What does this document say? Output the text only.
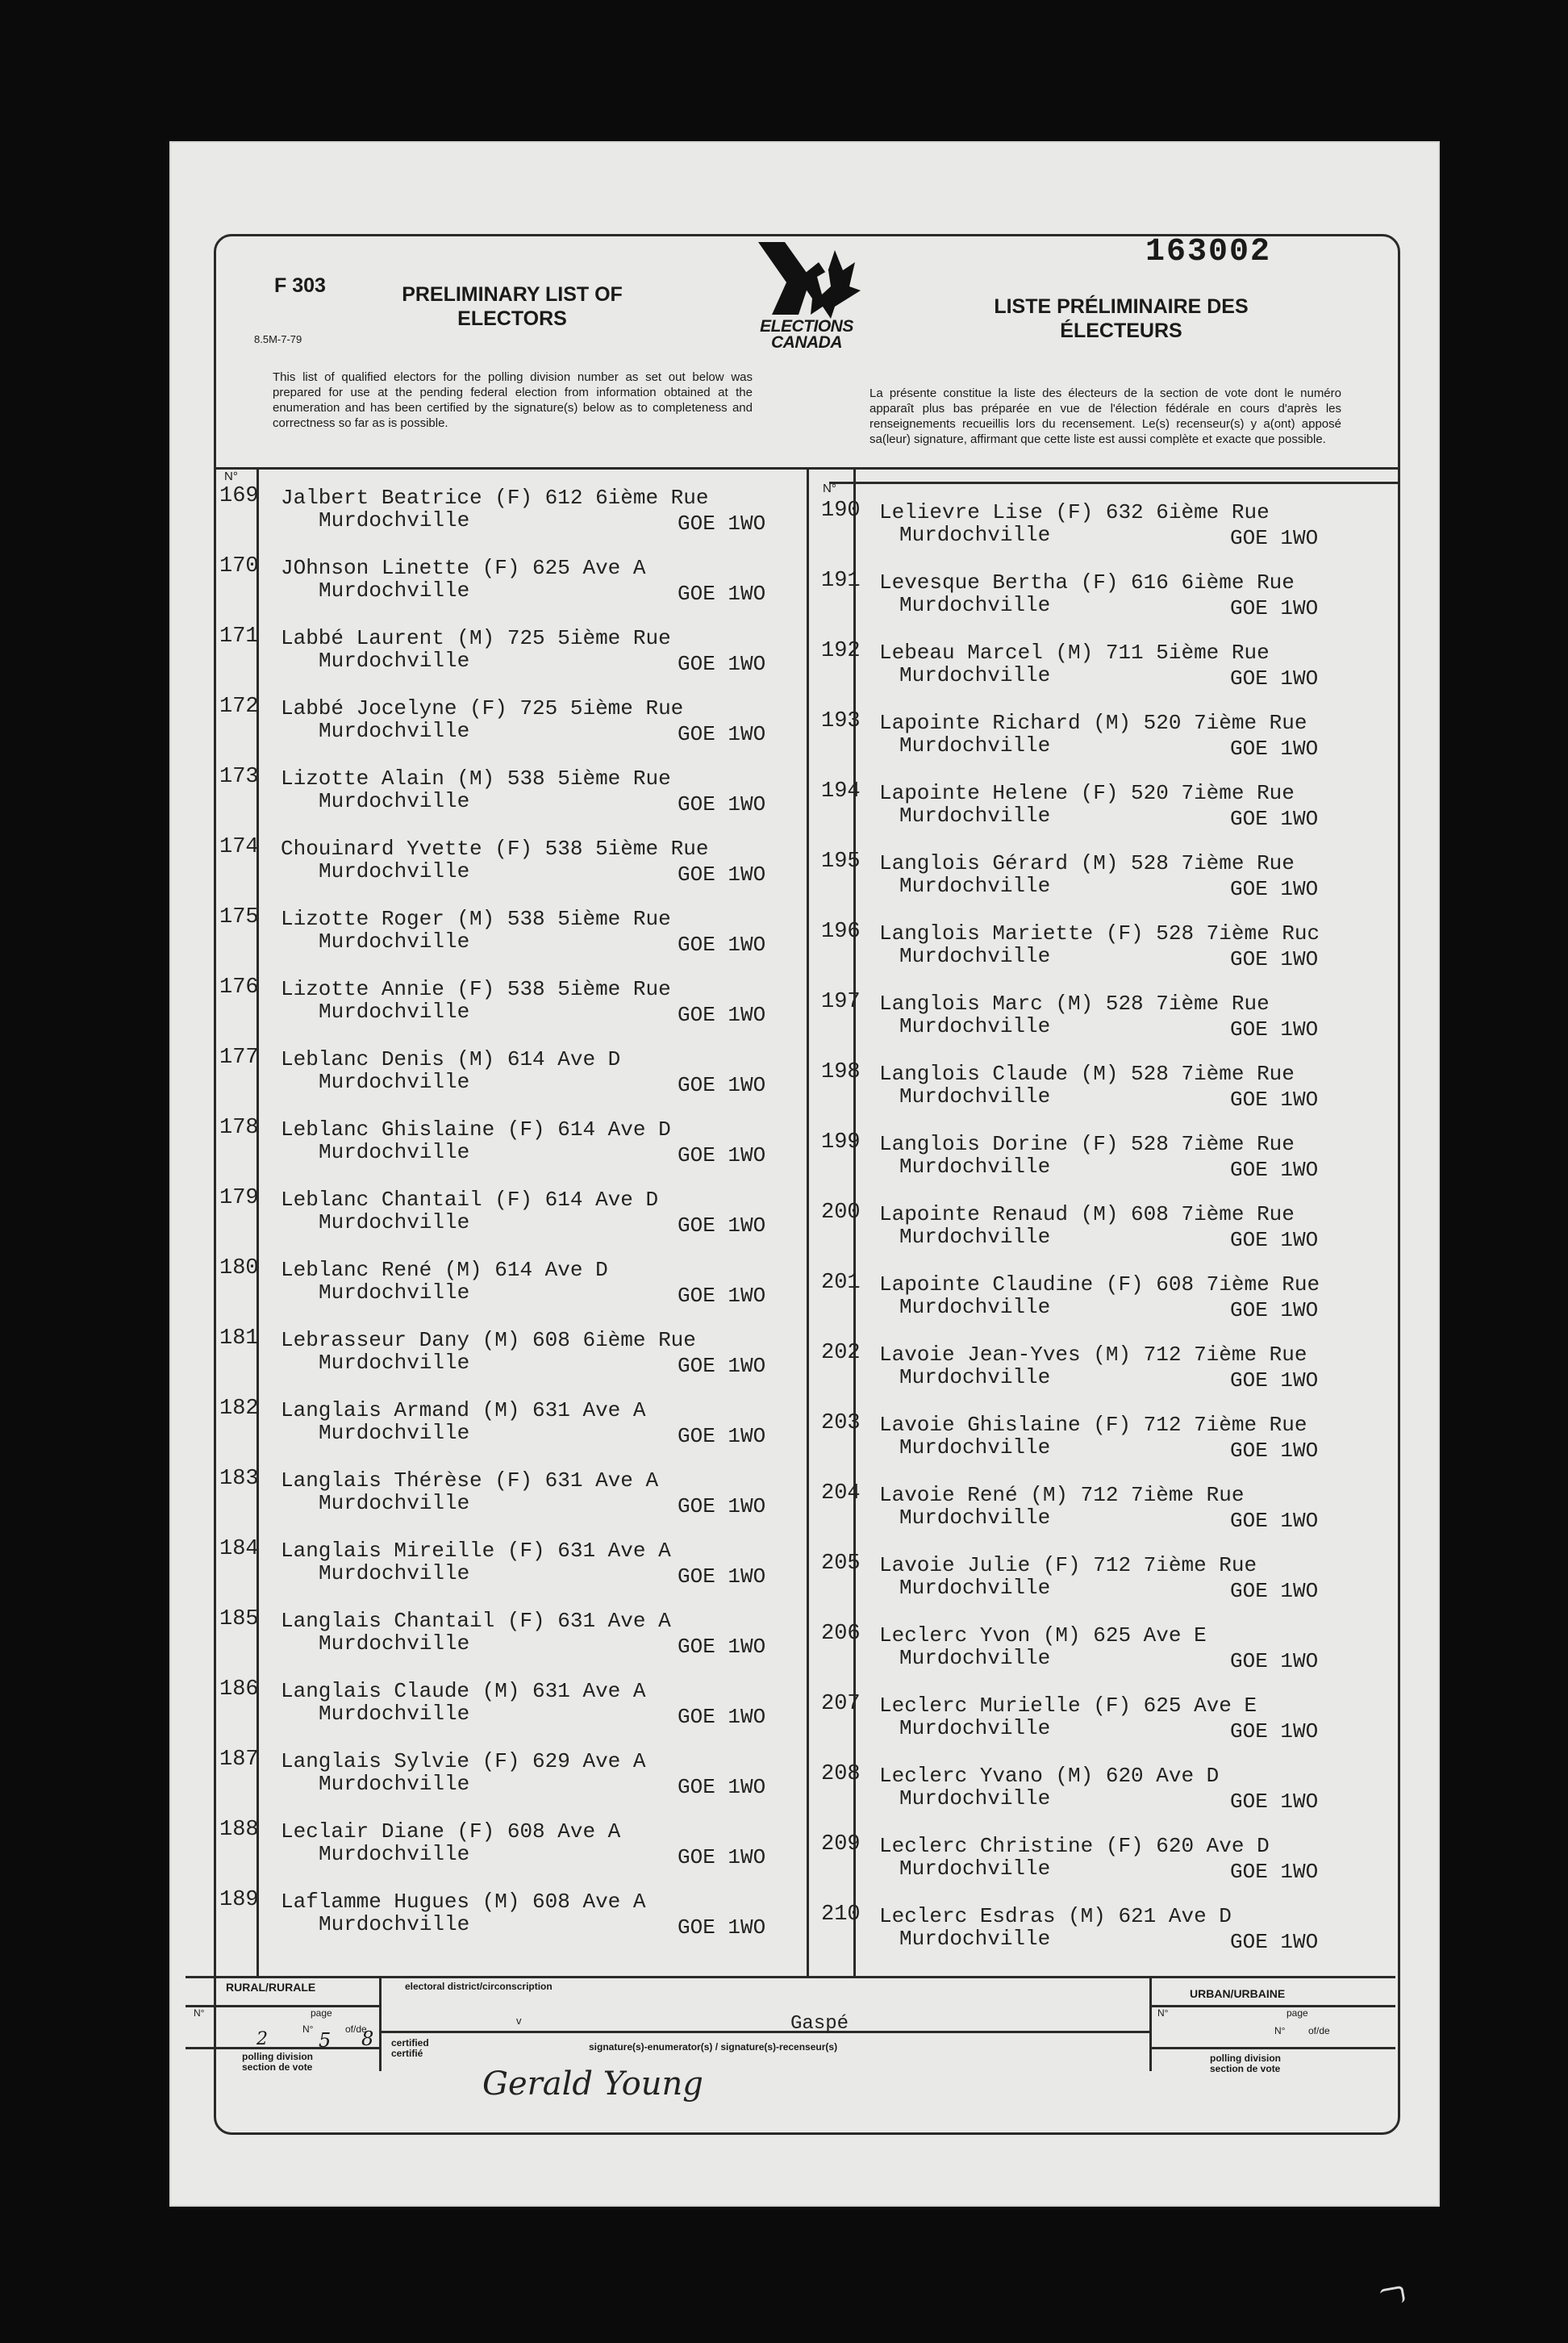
F 303
8.5M-7-79
PRELIMINARY LIST OF
ELECTORS	ELECTIONS
CANADA
163002
LISTE PRÉLIMINAIRE DES
ÉLECTEURS
This list of qualified electors for the polling division number as set out below was prepared for use at the pending federal election from information obtained at the enumeration and has been certified by the signature(s) below as to completeness and correctness so far as is possible.
La présente constitue la liste des électeurs de la section de vote dont le numéro apparaît plus bas préparée en vue de l'élection fédérale en cours d'après les renseignements recueillis lors du recensement. Le(s) recenseur(s) y a(ont) apposé sa(leur) signature, affirmant que cette liste est aussi complète et exacte que possible.
N°
N°
169 Jalbert Beatrice (F) 612 6ième Rue
Murdochville	GOE 1WO
170 JOhnson Linette (F) 625 Ave A
Murdochville	GOE 1WO
171 Labbé Laurent (M) 725 5ième Rue
Murdochville	GOE 1WO
172 Labbé Jocelyne (F) 725 5ième Rue
Murdochville	GOE 1WO
173 Lizotte Alain (M) 538 5ième Rue
Murdochville	GOE 1WO
174 Chouinard Yvette (F) 538 5ième Rue
Murdochville	GOE 1WO
175 Lizotte Roger (M) 538 5ième Rue
Murdochville	GOE 1WO
176 Lizotte Annie (F) 538 5ième Rue
Murdochville	GOE 1WO
177 Leblanc Denis (M) 614 Ave D
Murdochville	GOE 1WO
178 Leblanc Ghislaine (F) 614 Ave D
Murdochville	GOE 1WO
179 Leblanc Chantail (F) 614 Ave D
Murdochville	GOE 1WO
180 Leblanc René (M) 614 Ave D
Murdochville	GOE 1WO
181 Lebrasseur Dany (M) 608 6ième Rue
Murdochville	GOE 1WO
182 Langlais Armand (M) 631 Ave A
Murdochville	GOE 1WO
183 Langlais Thérèse (F) 631 Ave A
Murdochville	GOE 1WO
184 Langlais Mireille (F) 631 Ave A
Murdochville	GOE 1WO
185 Langlais Chantail (F) 631 Ave A
Murdochville	GOE 1WO
186 Langlais Claude (M) 631 Ave A
Murdochville	GOE 1WO
187 Langlais Sylvie (F) 629 Ave A
Murdochville	GOE 1WO
188 Leclair Diane (F) 608 Ave A
Murdochville	GOE 1WO
189 Laflamme Hugues (M) 608 Ave A
Murdochville	GOE 1WO
190 Lelievre Lise (F) 632 6ième Rue
Murdochville	GOE 1WO
191 Levesque Bertha (F) 616 6ième Rue
Murdochville	GOE 1WO
192 Lebeau Marcel (M) 711 5ième Rue
Murdochville	GOE 1WO
193 Lapointe Richard (M) 520 7ième Rue
Murdochville	GOE 1WO
194 Lapointe Helene (F) 520 7ième Rue
Murdochville	GOE 1WO
195 Langlois Gérard (M) 528 7ième Rue
Murdochville	GOE 1WO
196 Langlois Mariette (F) 528 7ième Ruc
Murdochville	GOE 1WO
197 Langlois Marc (M) 528 7ième Rue
Murdochville	GOE 1WO
198 Langlois Claude (M) 528 7ième Rue
Murdochville	GOE 1WO
199 Langlois Dorine (F) 528 7ième Rue
Murdochville	GOE 1WO
200 Lapointe Renaud (M) 608 7ième Rue
Murdochville	GOE 1WO
201 Lapointe Claudine (F) 608 7ième Rue
Murdochville	GOE 1WO
202 Lavoie Jean-Yves (M) 712 7ième Rue
Murdochville	GOE 1WO
203 Lavoie Ghislaine (F) 712 7ième Rue
Murdochville	GOE 1WO
204 Lavoie René (M) 712 7ième Rue
Murdochville	GOE 1WO
205 Lavoie Julie (F) 712 7ième Rue
Murdochville	GOE 1WO
206 Leclerc Yvon (M) 625 Ave E
Murdochville	GOE 1WO
207 Leclerc Murielle (F) 625 Ave E
Murdochville	GOE 1WO
208 Leclerc Yvano (M) 620 Ave D
Murdochville	GOE 1WO
209 Leclerc Christine (F) 620 Ave D
Murdochville	GOE 1WO
210 Leclerc Esdras (M) 621 Ave D
Murdochville	GOE 1WO
RURAL/RURALE
N°	page
N°	of/de
2	5 8
polling division
section de vote
electoral district/circonscription
v	Gaspé
certified
certifié
signature(s)-enumerator(s) / signature(s)-recenseur(s)
Gerald Young
URBAN/URBAINE
N°	page
N° of/de
polling division
section de vote
